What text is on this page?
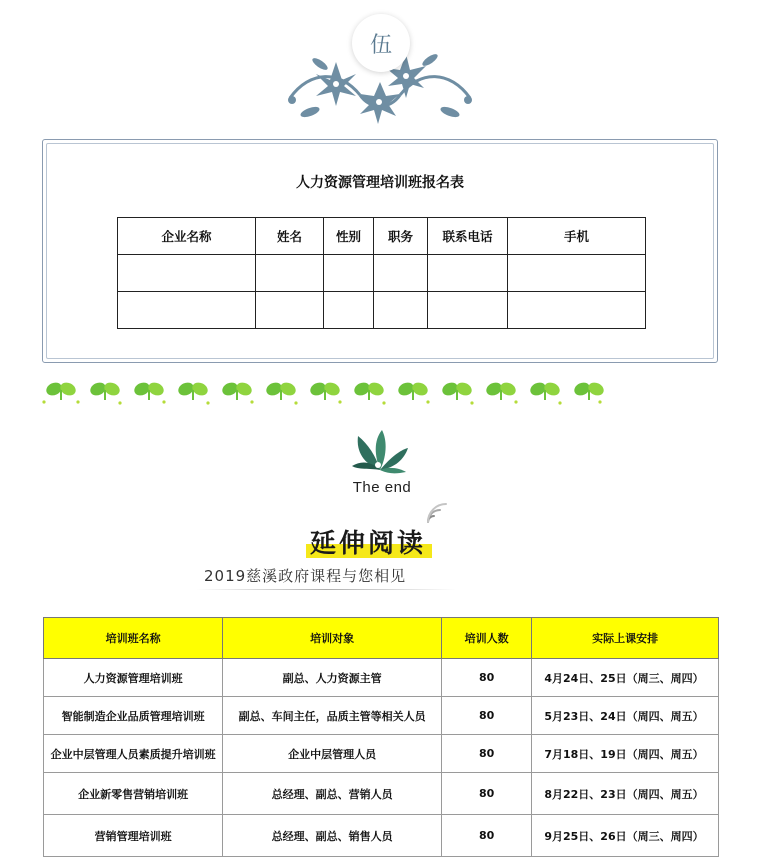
伍
人力资源管理培训班报名表
企业名称	姓名	性别	职务	联系电话	手机

The end
延伸阅读
2019慈溪政府课程与您相见
培训班名称	培训对象	培训人数	实际上课安排
人力资源管理培训班	副总、人力资源主管	80	4月24日、25日（周三、周四）
智能制造企业品质管理培训班	副总、车间主任，品质主管等相关人员	80	5月23日、24日（周四、周五）
企业中层管理人员素质提升培训班	企业中层管理人员	80	7月18日、19日（周四、周五）
企业新零售营销培训班	总经理、副总、营销人员	80	8月22日、23日（周四、周五）
营销管理培训班	总经理、副总、销售人员	80	9月25日、26日（周三、周四）
